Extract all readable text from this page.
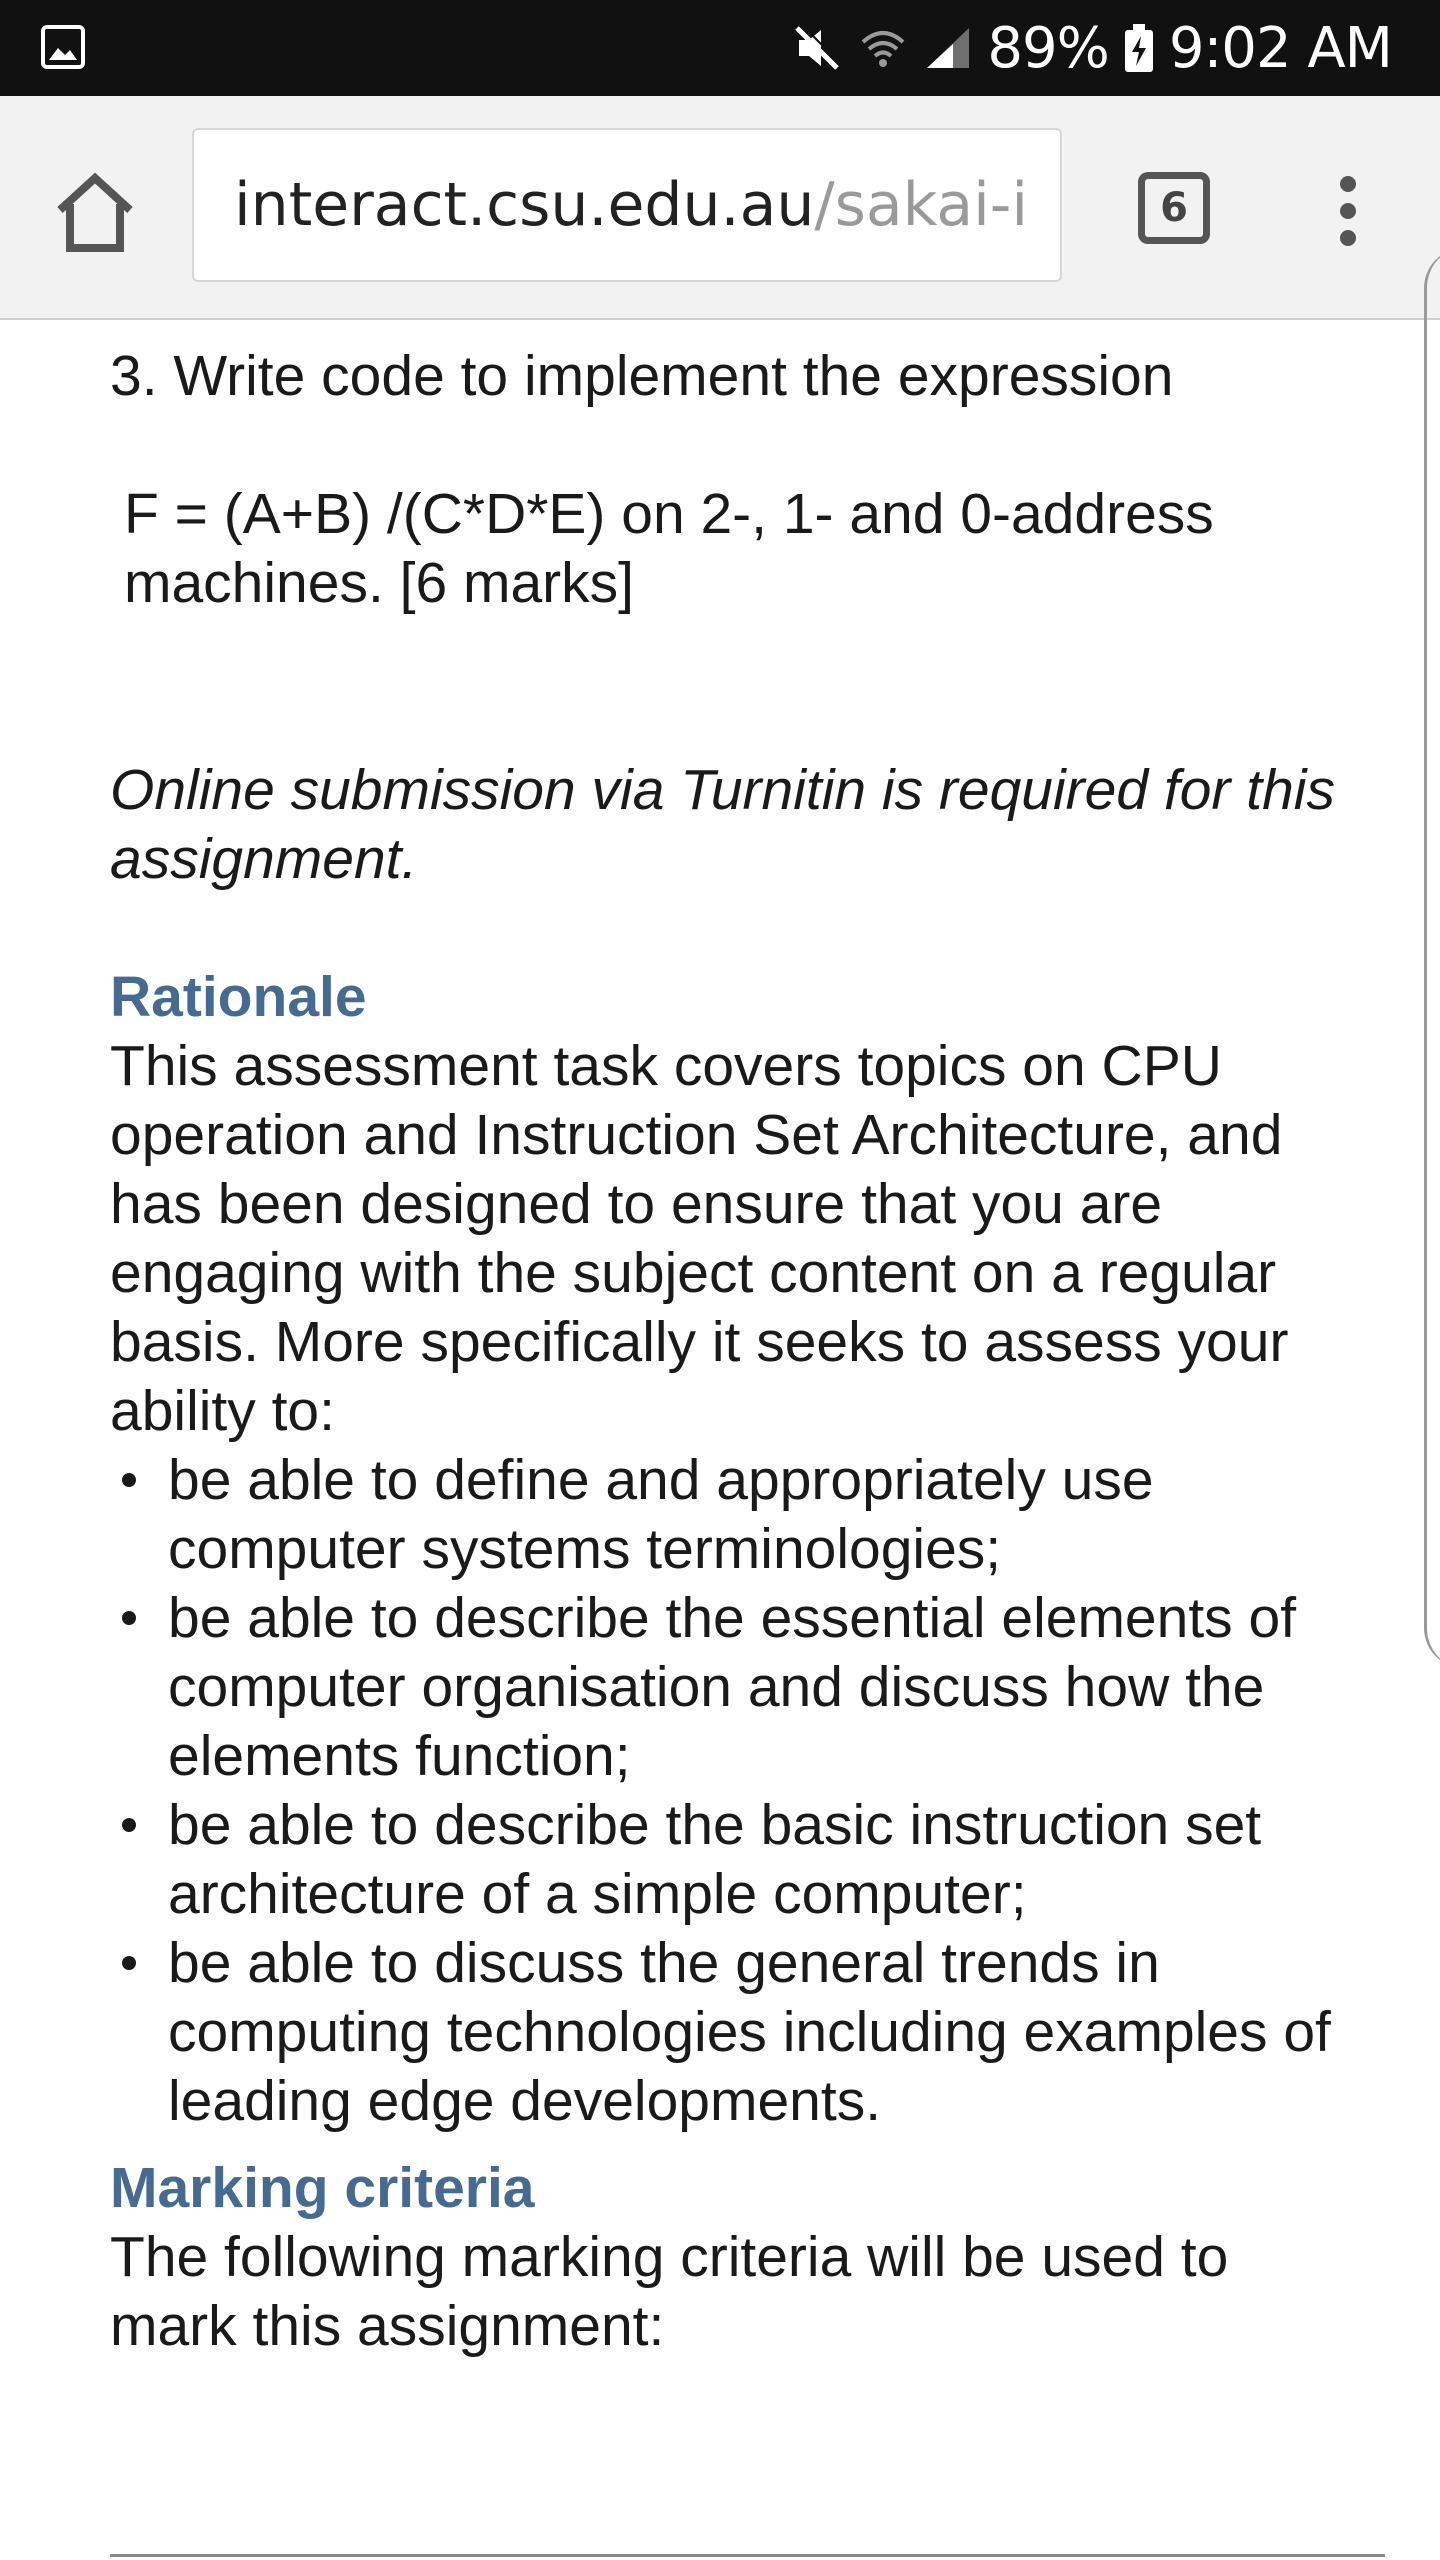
89% 9:02 AM
interact.csu.edu.au/sakai-i	6

3. Write code to implement the expression

F = (A+B) /(C*D*E) on 2-, 1- and 0-address machines. [6 marks]

Online submission via Turnitin is required for this assignment.

Rationale

This assessment task covers topics on CPU operation and Instruction Set Architecture, and has been designed to ensure that you are engaging with the subject content on a regular basis. More specifically it seeks to assess your ability to:

be able to define and appropriately use computer systems terminologies;
be able to describe the essential elements of computer organisation and discuss how the elements function;
be able to describe the basic instruction set architecture of a simple computer;
be able to discuss the general trends in computing technologies including examples of leading edge developments.
Marking criteria

The following marking criteria will be used to mark this assignment:
